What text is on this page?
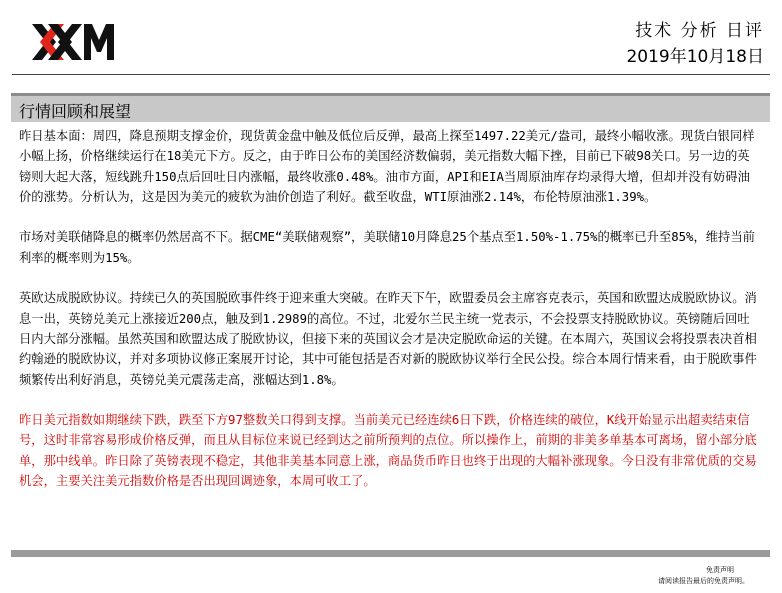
技术 分析 日评
2019年10月18日
行情回顾和展望

昨日基本面：周四，降息预期支撑金价，现货黄金盘中触及低位后反弹，最高上探至1497.22美元/盎司，最终小幅收涨。现货白银同样小幅上扬，价格继续运行在18美元下方。反之，由于昨日公布的美国经济数偏弱，美元指数大幅下挫，目前已下破98关口。另一边的英镑则大起大落，短线跳升150点后回吐日内涨幅，最终收涨0.48%。油市方面，API和EIA当周原油库存均录得大增，但却并没有妨碍油价的涨势。分析认为，这是因为美元的疲软为油价创造了利好。截至收盘，WTI原油涨2.14%，布伦特原油涨1.39%。

市场对美联储降息的概率仍然居高不下。据CME“美联储观察”，美联储10月降息25个基点至1.50%-1.75%的概率已升至85%，维持当前利率的概率则为15%。

英欧达成脱欧协议。持续已久的英国脱欧事件终于迎来重大突破。在昨天下午，欧盟委员会主席容克表示，英国和欧盟达成脱欧协议。消息一出，英镑兑美元上涨接近200点，触及到1.2989的高位。不过，北爱尔兰民主统一党表示，不会投票支持脱欧协议。英镑随后回吐日内大部分涨幅。虽然英国和欧盟达成了脱欧协议，但接下来的英国议会才是决定脱欧命运的关键。在本周六，英国议会将投票表决首相约翰逊的脱欧协议，并对多项协议修正案展开讨论，其中可能包括是否对新的脱欧协议举行全民公投。综合本周行情来看，由于脱欧事件频繁传出利好消息，英镑兑美元震荡走高，涨幅达到1.8%。

昨日美元指数如期继续下跌，跌至下方97整数关口得到支撑。当前美元已经连续6日下跌，价格连续的破位，K线开始显示出超卖结束信号，这时非常容易形成价格反弹，而且从目标位来说已经到达之前所预判的点位。所以操作上，前期的非美多单基本可离场，留小部分底单，那中线单。昨日除了英镑表现不稳定，其他非美基本同意上涨，商品货币昨日也终于出现的大幅补涨现象。今日没有非常优质的交易机会，主要关注美元指数价格是否出现回调迹象，本周可收工了。

免责声明
请阅读报告最后的免责声明。
